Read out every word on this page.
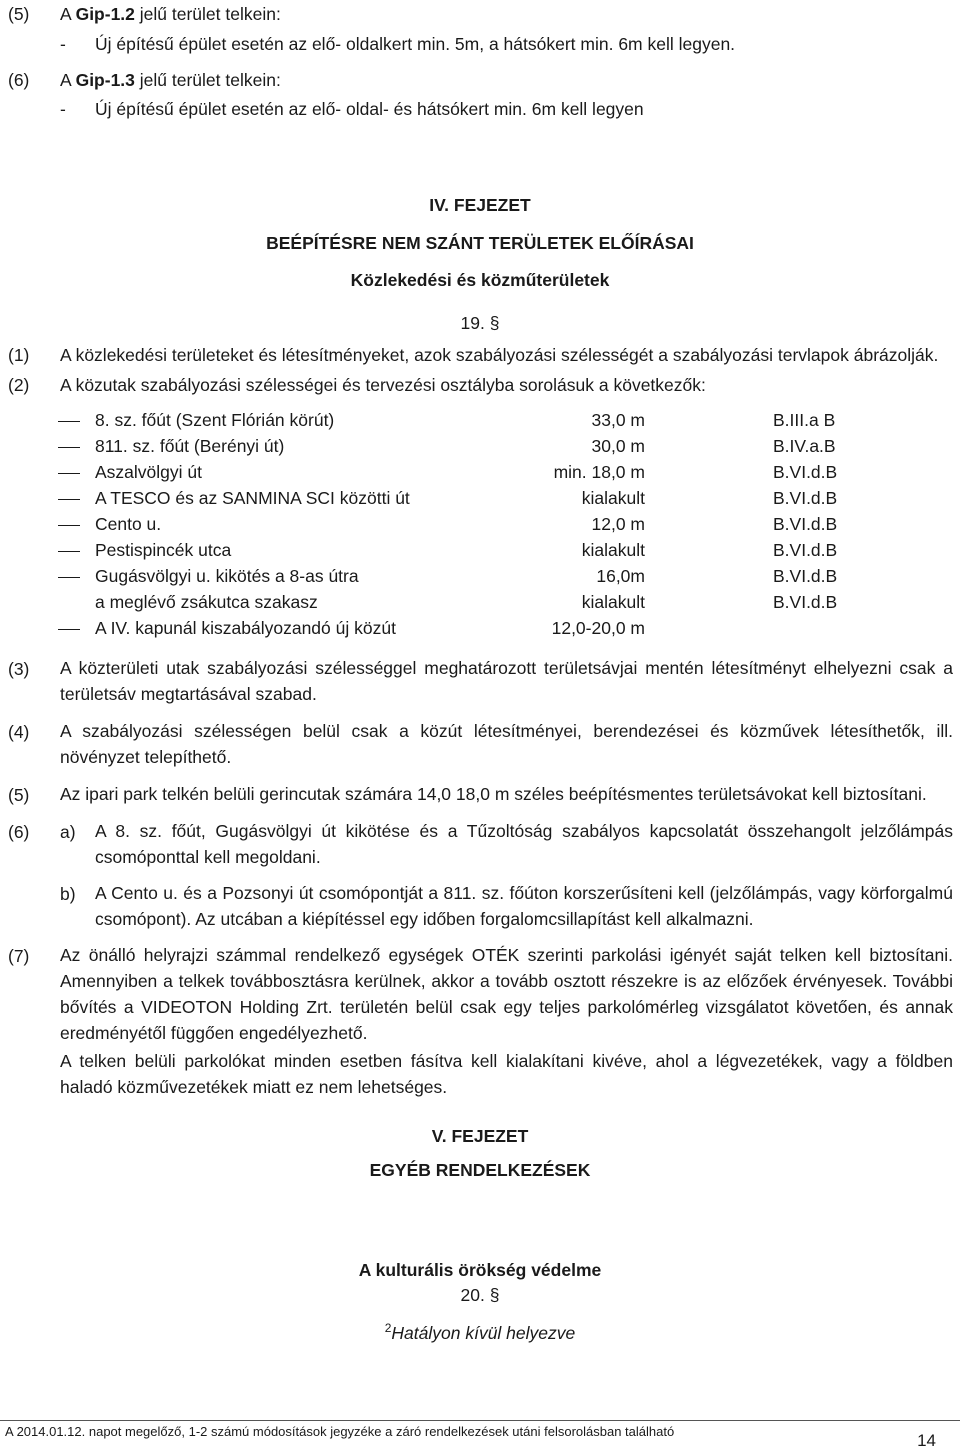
(5) A Gip-1.2 jelű terület telkein:
- Új építésű épület esetén az elő- oldalkert min. 5m, a hátsókert min. 6m kell legyen.
(6) A Gip-1.3 jelű terület telkein:
- Új építésű épület esetén az elő- oldal- és hátsókert min. 6m kell legyen
IV. FEJEZET
BEÉPÍTÉSRE NEM SZÁNT TERÜLETEK ELŐÍRÁSAI
Közlekedési és közműterületek
19. §
(1) A közlekedési területeket és létesítményeket, azok szabályozási szélességét a szabályozási tervlapok ábrázolják.
(2) A közutak szabályozási szélességei és tervezési osztályba sorolásuk a következők:
8. sz. főút (Szent Flórián körút)	33,0 m	B.III.a B
811. sz. főút (Berényi út)	30,0 m	B.IV.a.B
Aszalvölgyi út	min. 18,0 m	B.VI.d.B
A TESCO és az SANMINA SCI közötti út	kialakult	B.VI.d.B
Cento u.	12,0 m	B.VI.d.B
Pestispincék utca	kialakult	B.VI.d.B
Gugásvölgyi u. kikötés a 8-as útra	16,0m	B.VI.d.B
a meglévő zsákutca szakasz	kialakult	B.VI.d.B
A IV. kapunál kiszabályozandó új közút	12,0-20,0 m
(3) A közterületi utak szabályozási szélességgel meghatározott területsávjai mentén létesítményt elhelyezni csak a területsáv megtartásával szabad.
(4) A szabályozási szélességen belül csak a közút létesítményei, berendezései és közművek létesíthetők, ill. növényzet telepíthető.
(5) Az ipari park telkén belüli gerincutak számára 14,0 18,0 m széles beépítésmentes területsávokat kell biztosítani.
(6) a) A 8. sz. főút, Gugásvölgyi út kikötése és a Tűzoltóság szabályos kapcsolatát összehangolt jelzőlámpás csomóponttal kell megoldani.
b) A Cento u. és a Pozsonyi út csomópontját a 811. sz. főúton korszerűsíteni kell (jelzőlámpás, vagy körforgalmú csomópont). Az utcában a kiépítéssel egy időben forgalomcsillapítást kell alkalmazni.
(7) Az önálló helyrajzi számmal rendelkező egységek OTÉK szerinti parkolási igényét saját telken kell biztosítani. Amennyiben a telkek továbbosztásra kerülnek, akkor a tovább osztott részekre is az előzőek érvényesek. További bővítés a VIDEOTON Holding Zrt. területén belül csak egy teljes parkolómérleg vizsgálatot követően, és annak eredményétől függően engedélyezhető.
A telken belüli parkolókat minden esetben fásítva kell kialakítani kivéve, ahol a légvezetékek, vagy a földben haladó közművezetékek miatt ez nem lehetséges.
V. FEJEZET
EGYÉB RENDELKEZÉSEK
A kulturális örökség védelme
20. §
$^2$Hatályon kívül helyezve
A 2014.01.12. napot megelőző, 1-2 számú módosítások jegyzéke a záró rendelkezések utáni felsorolásban található	14
